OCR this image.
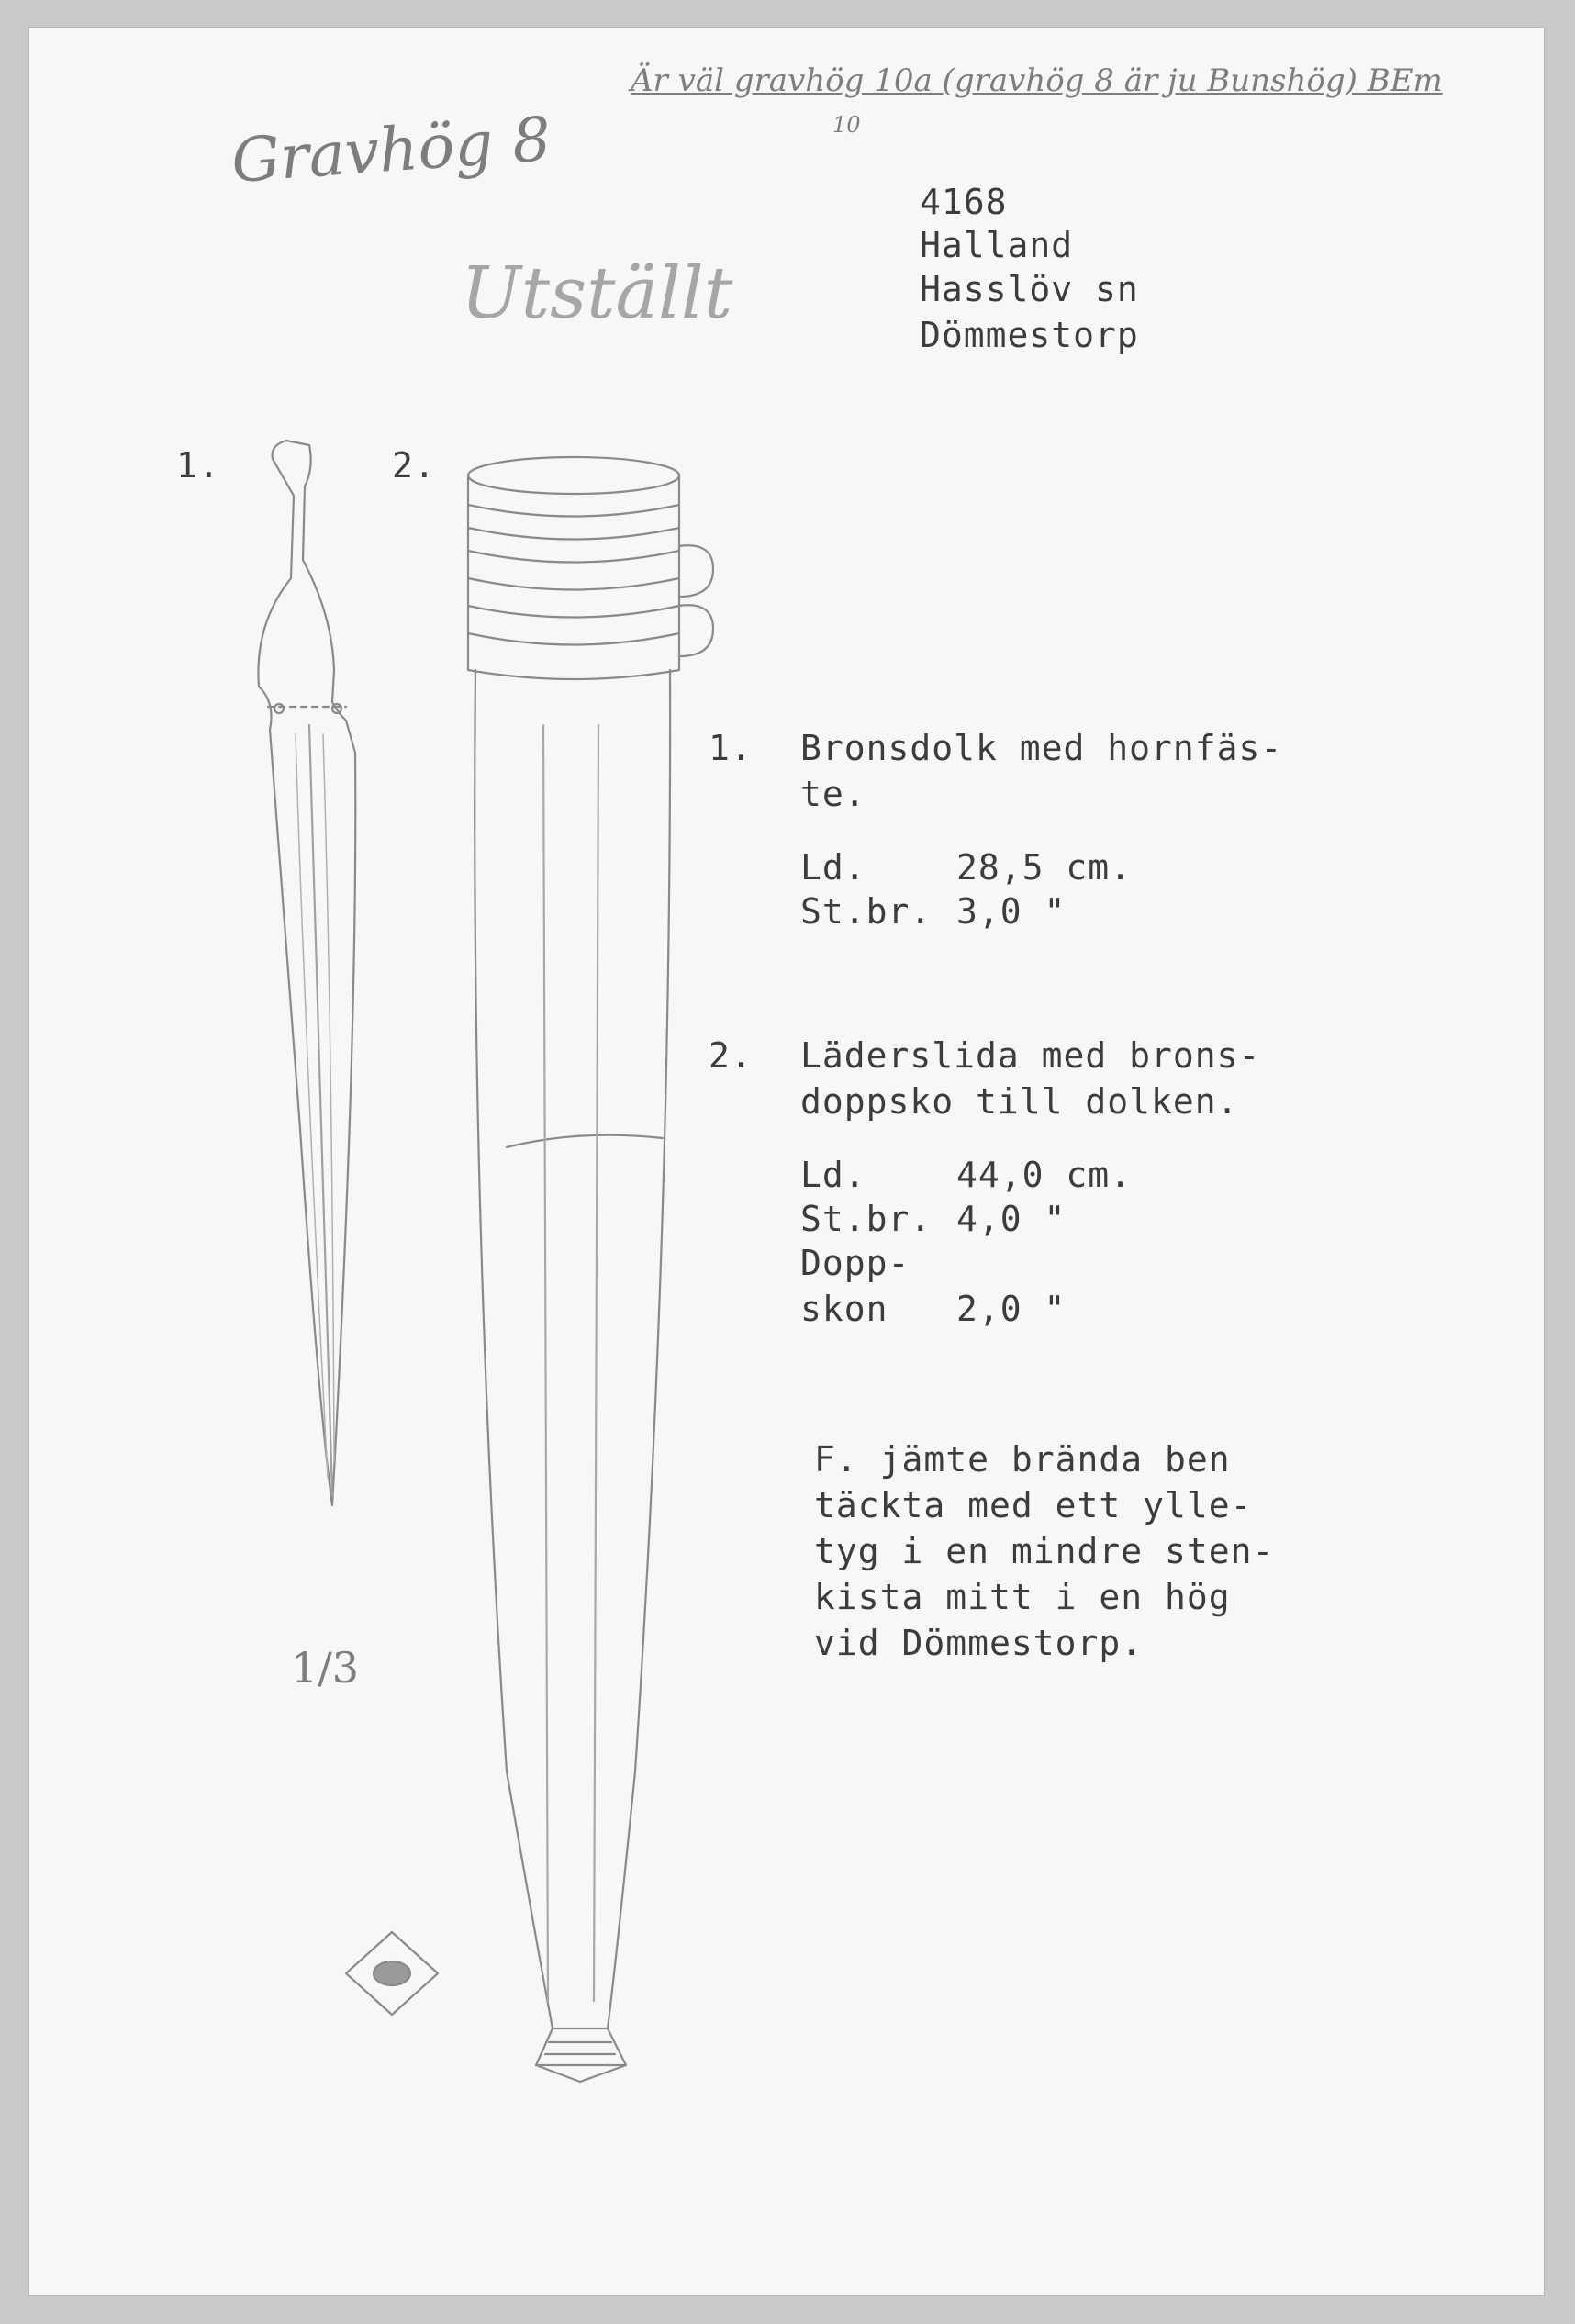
Är väl gravhög 10a (gravhög 8 är ju Bunshög) BEm
10
Gravhög 8
Utställt
4168
Halland
Hasslöv sn
Dömmestorp
1.	2.
1/3
1. Bronsdolk med hornfäs-
te.
Ld.	28,5 cm.
St.br. 3,0 "
2. Läderslida med brons-
doppsko till dolken.
Ld.	44,0 cm.
St.br. 4,0 "
Dopp-
skon 2,0 "
F. jämte brända ben
täckta med ett ylle-
tyg i en mindre sten-
kista mitt i en hög
vid Dömmestorp.
